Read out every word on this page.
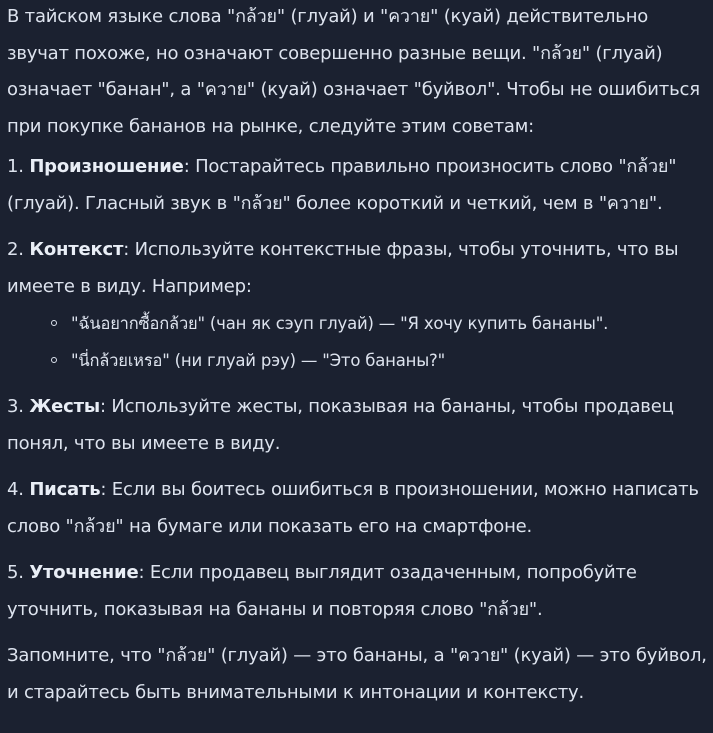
В тайском языке слова "กล้วย" (глуай) и "ควาย" (куай) действительно звучат похоже, но означают совершенно разные вещи. "กล้วย" (глуай) означает "банан", а "ควาย" (куай) означает "буйвол". Чтобы не ошибиться при покупке бананов на рынке, следуйте этим советам:

1. Произношение: Постарайтесь правильно произносить слово "กล้วย" (глуай). Гласный звук в "กล้วย" более короткий и четкий, чем в "ควาย".

2. Контекст: Используйте контекстные фразы, чтобы уточнить, что вы имеете в виду. Например:

"ฉันอยากซื้อกล้วย" (чан як сэуп глуай) — "Я хочу купить бананы".
"นี่กล้วยเหรอ" (ни глуай рэу) — "Это бананы?"

3. Жесты: Используйте жесты, показывая на бананы, чтобы продавец понял, что вы имеете в виду.

4. Писать: Если вы боитесь ошибиться в произношении, можно написать слово "กล้วย" на бумаге или показать его на смартфоне.

5. Уточнение: Если продавец выглядит озадаченным, попробуйте уточнить, показывая на бананы и повторяя слово "กล้วย".

Запомните, что "กล้วย" (глуай) — это бананы, а "ควาย" (куай) — это буйвол, и старайтесь быть внимательными к интонации и контексту.
